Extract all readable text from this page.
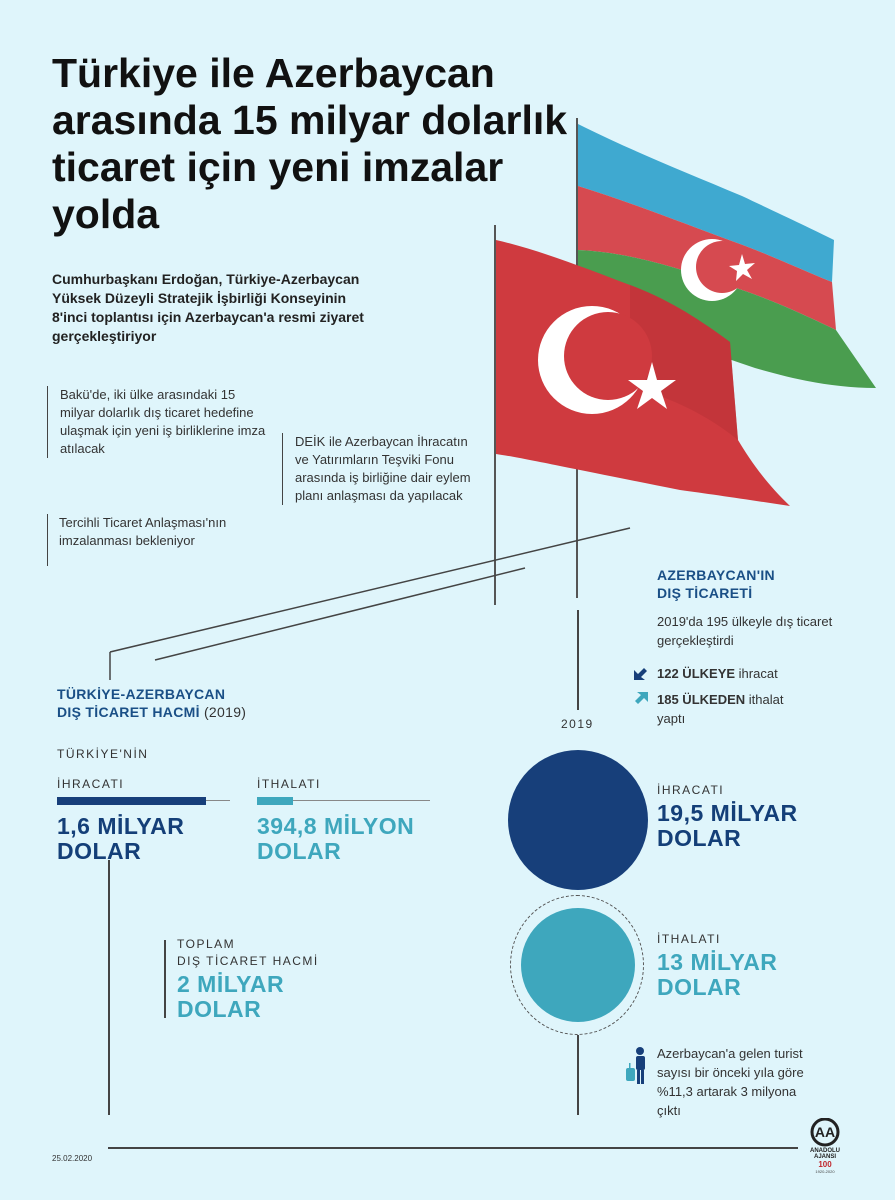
Türkiye ile Azerbaycan arasında 15 milyar dolarlık ticaret için yeni imzalar yolda
Cumhurbaşkanı Erdoğan, Türkiye-Azerbaycan Yüksek Düzeyli Stratejik İşbirliği Konseyinin 8'inci toplantısı için Azerbaycan'a resmi ziyaret gerçekleştiriyor
Bakü'de, iki ülke arasındaki 15 milyar dolarlık dış ticaret hedefine ulaşmak için yeni iş birliklerine imza atılacak
Tercihli Ticaret Anlaşması'nın imzalanması bekleniyor
DEİK ile Azerbaycan İhracatın ve Yatırımların Teşviki Fonu arasında iş birliğine dair eylem planı anlaşması da yapılacak
AZERBAYCAN'IN
DIŞ TİCARETİ
2019'da 195 ülkeyle dış ticaret gerçekleştirdi
122 ÜLKEYE ihracat
185 ÜLKEDEN ithalat
yaptı
2019
İHRACATI
19,5 MİLYAR
DOLAR
İTHALATI
13 MİLYAR
DOLAR
Azerbaycan'a gelen turist sayısı bir önceki yıla göre %11,3 artarak 3 milyona çıktı
TÜRKİYE-AZERBAYCAN
DIŞ TİCARET HACMİ (2019)
TÜRKİYE'NİN
İHRACATI
1,6 MİLYAR
DOLAR
İTHALATI
394,8 MİLYON
DOLAR
TOPLAM
DIŞ TİCARET HACMİ
2 MİLYAR
DOLAR
25.02.2020
AA
ANADOLU AJANSI
100
1920-2020
